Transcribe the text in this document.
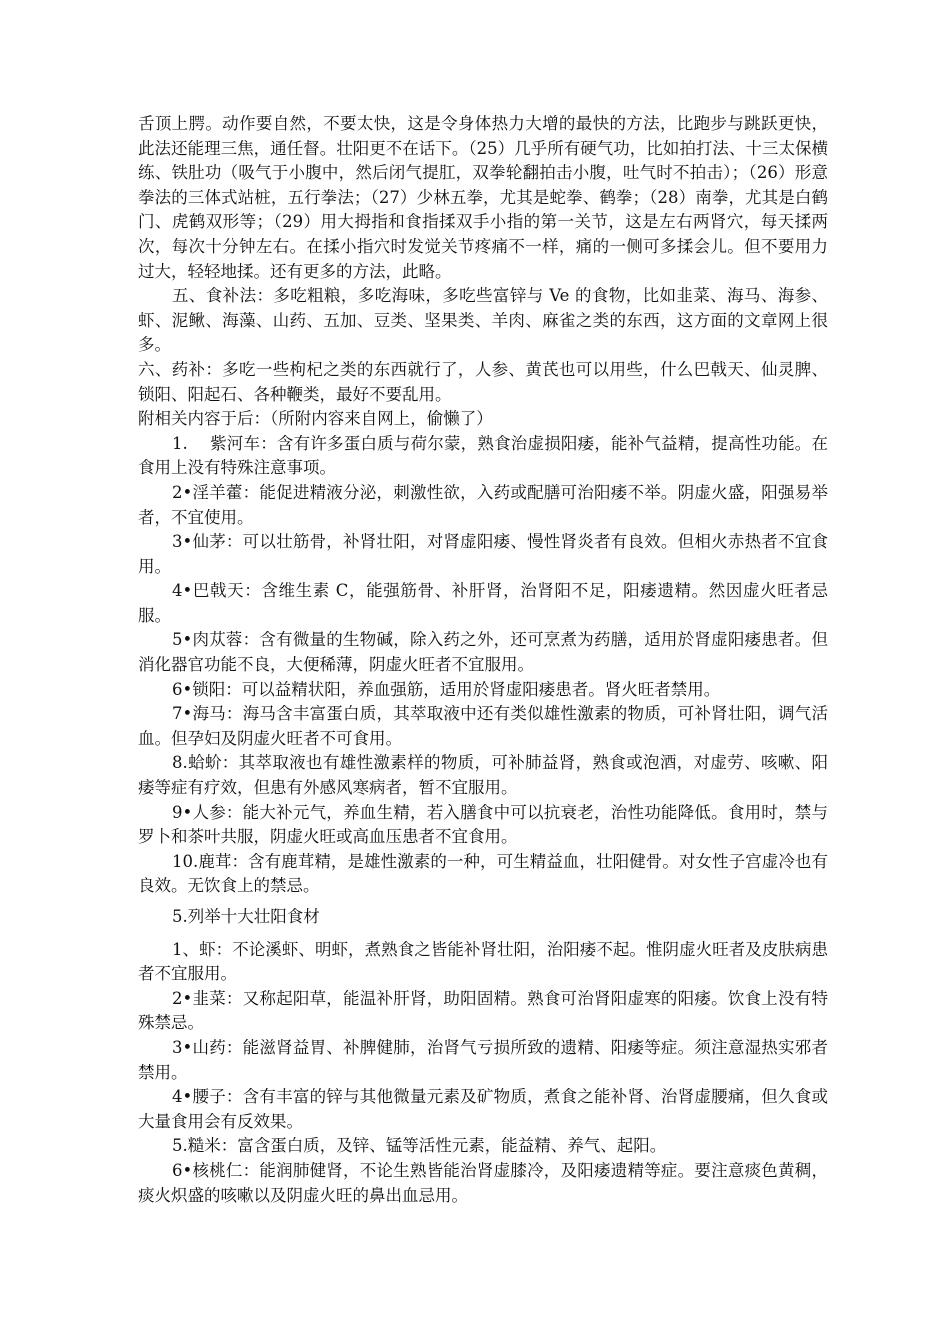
舌顶上腭。动作要自然，不要太快，这是令身体热力大增的最快的方法，比跑步与跳跃更快，此法还能理三焦，通任督。壮阳更不在话下。（25）几乎所有硬气功，比如拍打法、十三太保横练、铁肚功（吸气于小腹中，然后闭气提肛，双拳轮翻拍击小腹，吐气时不拍击）；（26）形意拳法的三体式站桩，五行拳法；（27）少林五拳，尤其是蛇拳、鹤拳；（28）南拳，尤其是白鹤门、虎鹤双形等；（29）用大拇指和食指揉双手小指的第一关节，这是左右两肾穴，每天揉两次，每次十分钟左右。在揉小指穴时发觉关节疼痛不一样，痛的一侧可多揉会儿。但不要用力过大，轻轻地揉。还有更多的方法，此略。

五、食补法：多吃粗粮，多吃海味，多吃些富锌与 Ve 的食物，比如韭菜、海马、海参、虾、泥鳅、海藻、山药、五加、豆类、坚果类、羊肉、麻雀之类的东西，这方面的文章网上很多。

六、药补：多吃一些枸杞之类的东西就行了，人参、黄芪也可以用些，什么巴戟天、仙灵脾、锁阳、阳起石、各种鞭类，最好不要乱用。

附相关内容于后：（所附内容来自网上，偷懒了）

1.　 紫河车：含有许多蛋白质与荷尔蒙，熟食治虚损阳痿，能补气益精，提高性功能。在食用上没有特殊注意事项。

2•淫羊藿：能促进精液分泌，刺激性欲，入药或配膳可治阳痿不举。阴虚火盛，阳强易举者，不宜使用。

3•仙茅：可以壮筋骨，补肾壮阳，对肾虚阳痿、慢性肾炎者有良效。但相火赤热者不宜食用。

4•巴戟天：含维生素 C，能强筋骨、补肝肾，治肾阳不足，阳痿遗精。然因虚火旺者忌服。

5•肉苁蓉：含有微量的生物碱，除入药之外，还可烹煮为药膳，适用於肾虚阳痿患者。但消化器官功能不良，大便稀薄，阴虚火旺者不宜服用。

6•锁阳：可以益精状阳，养血强筋，适用於肾虚阳痿患者。肾火旺者禁用。

7•海马：海马含丰富蛋白质，其萃取液中还有类似雄性激素的物质，可补肾壮阳，调气活血。但孕妇及阴虚火旺者不可食用。

8.蛤蚧：其萃取液也有雄性激素样的物质，可补肺益肾，熟食或泡酒，对虚劳、咳嗽、阳痿等症有疗效，但患有外感风寒病者，暂不宜服用。

9•人参：能大补元气，养血生精，若入膳食中可以抗衰老，治性功能降低。食用时，禁与罗卜和茶叶共服，阴虚火旺或高血压患者不宜食用。

10.鹿茸：含有鹿茸精，是雄性激素的一种，可生精益血，壮阳健骨。对女性子宫虚冷也有良效。无饮食上的禁忌。

5.列举十大壮阳食材

1、虾：不论溪虾、明虾，煮熟食之皆能补肾壮阳，治阳痿不起。惟阴虚火旺者及皮肤病患者不宜服用。

2•韭菜：又称起阳草，能温补肝肾，助阳固精。熟食可治肾阳虚寒的阳痿。饮食上没有特殊禁忌。

3•山药：能滋肾益胃、补脾健肺，治肾气亏损所致的遗精、阳痿等症。须注意湿热实邪者禁用。

4•腰子：含有丰富的锌与其他微量元素及矿物质，煮食之能补肾、治肾虚腰痛，但久食或大量食用会有反效果。

5.糙米：富含蛋白质，及锌、锰等活性元素，能益精、养气、起阳。

6•核桃仁：能润肺健肾，不论生熟皆能治肾虚膝冷，及阳痿遗精等症。要注意痰色黄稠，痰火炽盛的咳嗽以及阴虚火旺的鼻出血忌用。
